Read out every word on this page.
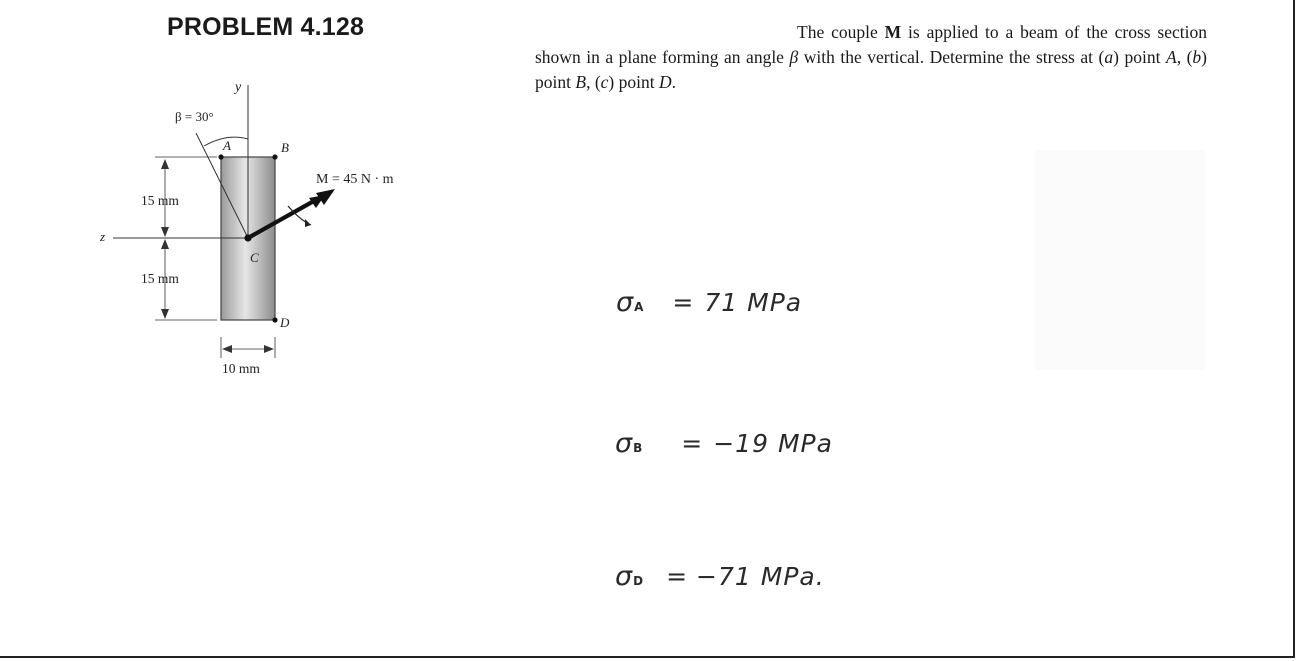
PROBLEM 4.128	The couple M is applied to a beam of the cross section shown in a plane forming an angle β with the vertical. Determine the stress at (a) point A, (b) point B, (c) point D.
y
z
β = 30°
A	B
C
D
M = 45 N · m
15 mm
15 mm
10 mm
σA = 71 MPa
σB = −19 MPa
σD = −71 MPa.
